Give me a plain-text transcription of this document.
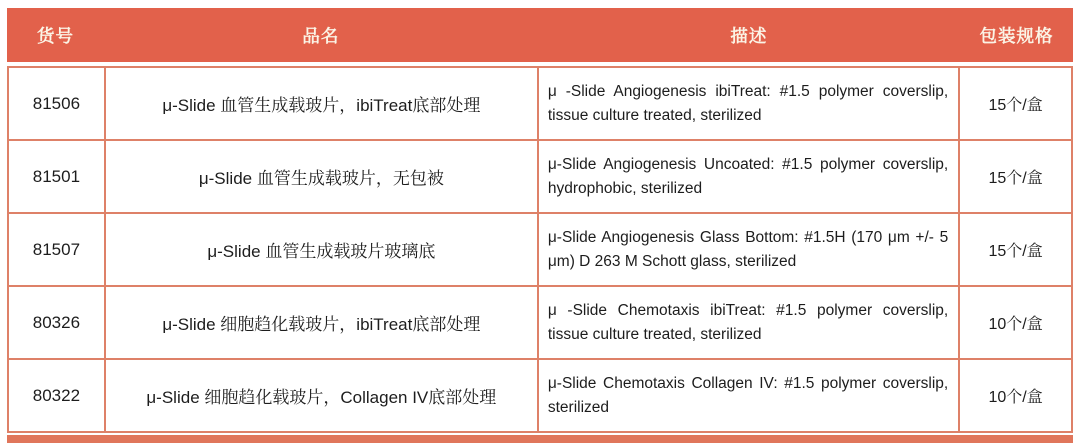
货号	品名	描述	包装规格
81506	μ-Slide 血管生成载玻片，ibiTreat底部处理	μ -Slide Angiogenesis ibiTreat: #1.5 polymer coverslip, tissue culture treated, sterilized	15个/盒
81501	μ-Slide 血管生成载玻片，无包被	μ-Slide Angiogenesis Uncoated: #1.5 polymer coverslip, hydrophobic, sterilized	15个/盒
81507	μ-Slide 血管生成载玻片玻璃底	μ-Slide Angiogenesis Glass Bottom: #1.5H (170 μm +/- 5 μm) D 263 M Schott glass, sterilized	15个/盒
80326	μ-Slide 细胞趋化载玻片，ibiTreat底部处理	μ -Slide Chemotaxis ibiTreat: #1.5 polymer coverslip, tissue culture treated, sterilized	10个/盒
80322	μ-Slide 细胞趋化载玻片，Collagen IV底部处理	μ-Slide Chemotaxis Collagen IV: #1.5 polymer coverslip, sterilized	10个/盒
